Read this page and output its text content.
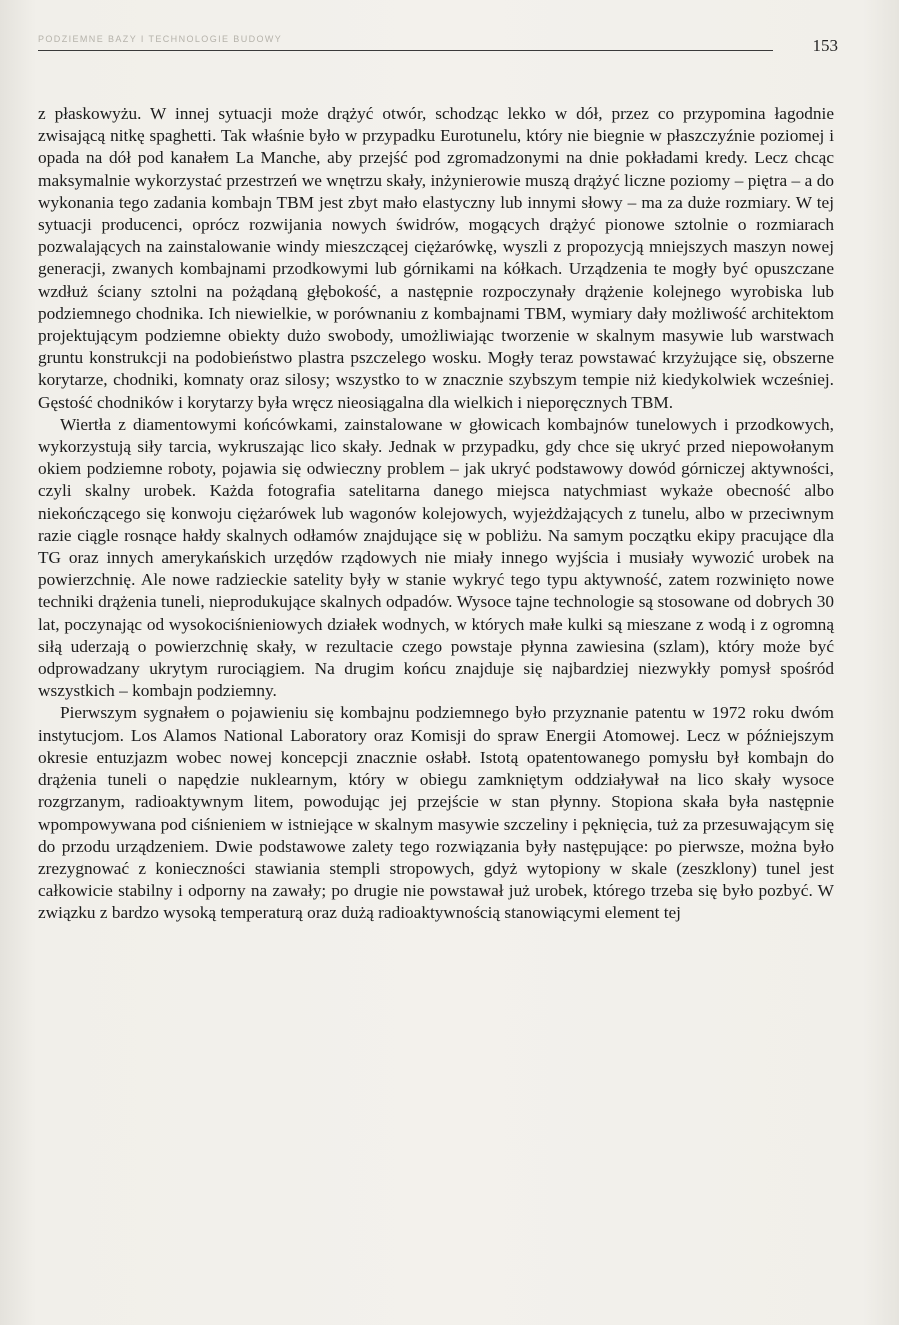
PODZIEMNE BAZY I TECHNOLOGIE BUDOWY	153

z płaskowyżu. W innej sytuacji może drążyć otwór, schodząc lekko w dół, przez co przypomina łagodnie zwisającą nitkę spaghetti. Tak właśnie było w przypadku Eurotunelu, który nie biegnie w płaszczyźnie poziomej i opada na dół pod kanałem La Manche, aby przejść pod zgromadzonymi na dnie pokładami kredy. Lecz chcąc maksymalnie wykorzystać przestrzeń we wnętrzu skały, inżynierowie muszą drążyć liczne poziomy – piętra – a do wykonania tego zadania kombajn TBM jest zbyt mało elastyczny lub innymi słowy – ma za duże rozmiary. W tej sytuacji producenci, oprócz rozwijania nowych świdrów, mogących drążyć pionowe sztolnie o rozmiarach pozwalających na zainstalowanie windy mieszczącej ciężarówkę, wyszli z propozycją mniejszych maszyn nowej generacji, zwanych kombajnami przodkowymi lub górnikami na kółkach. Urządzenia te mogły być opuszczane wzdłuż ściany sztolni na pożądaną głębokość, a następnie rozpoczynały drążenie kolejnego wyrobiska lub podziemnego chodnika. Ich niewielkie, w porównaniu z kombajnami TBM, wymiary dały możliwość architektom projektującym podziemne obiekty dużo swobody, umożliwiając tworzenie w skalnym masywie lub warstwach gruntu konstrukcji na podobieństwo plastra pszczelego wosku. Mogły teraz powstawać krzyżujące się, obszerne korytarze, chodniki, komnaty oraz silosy; wszystko to w znacznie szybszym tempie niż kiedykolwiek wcześniej. Gęstość chodników i korytarzy była wręcz nieosiągalna dla wielkich i nieporęcznych TBM.

Wiertła z diamentowymi końcówkami, zainstalowane w głowicach kombajnów tunelowych i przodkowych, wykorzystują siły tarcia, wykruszając lico skały. Jednak w przypadku, gdy chce się ukryć przed niepowołanym okiem podziemne roboty, pojawia się odwieczny problem – jak ukryć podstawowy dowód górniczej aktywności, czyli skalny urobek. Każda fotografia satelitarna danego miejsca natychmiast wykaże obecność albo niekończącego się konwoju ciężarówek lub wagonów kolejowych, wyjeżdżających z tunelu, albo w przeciwnym razie ciągle rosnące hałdy skalnych odłamów znajdujące się w pobliżu. Na samym początku ekipy pracujące dla TG oraz innych amerykańskich urzędów rządowych nie miały innego wyjścia i musiały wywozić urobek na powierzchnię. Ale nowe radzieckie satelity były w stanie wykryć tego typu aktywność, zatem rozwinięto nowe techniki drążenia tuneli, nieprodukujące skalnych odpadów. Wysoce tajne technologie są stosowane od dobrych 30 lat, poczynając od wysokociśnieniowych działek wodnych, w których małe kulki są mieszane z wodą i z ogromną siłą uderzają o powierzchnię skały, w rezultacie czego powstaje płynna zawiesina (szlam), który może być odprowadzany ukrytym rurociągiem. Na drugim końcu znajduje się najbardziej niezwykły pomysł spośród wszystkich – kombajn podziemny.

Pierwszym sygnałem o pojawieniu się kombajnu podziemnego było przyznanie patentu w 1972 roku dwóm instytucjom. Los Alamos National Laboratory oraz Komisji do spraw Energii Atomowej. Lecz w późniejszym okresie entuzjazm wobec nowej koncepcji znacznie osłabł. Istotą opatentowanego pomysłu był kombajn do drążenia tuneli o napędzie nuklearnym, który w obiegu zamkniętym oddziaływał na lico skały wysoce rozgrzanym, radioaktywnym litem, powodując jej przejście w stan płynny. Stopiona skała była następnie wpompowywana pod ciśnieniem w istniejące w skalnym masywie szczeliny i pęknięcia, tuż za przesuwającym się do przodu urządzeniem. Dwie podstawowe zalety tego rozwiązania były następujące: po pierwsze, można było zrezygnować z konieczności stawiania stempli stropowych, gdyż wytopiony w skale (zeszklony) tunel jest całkowicie stabilny i odporny na zawały; po drugie nie powstawał już urobek, którego trzeba się było pozbyć. W związku z bardzo wysoką temperaturą oraz dużą radioaktywnością stanowiącymi element tej
